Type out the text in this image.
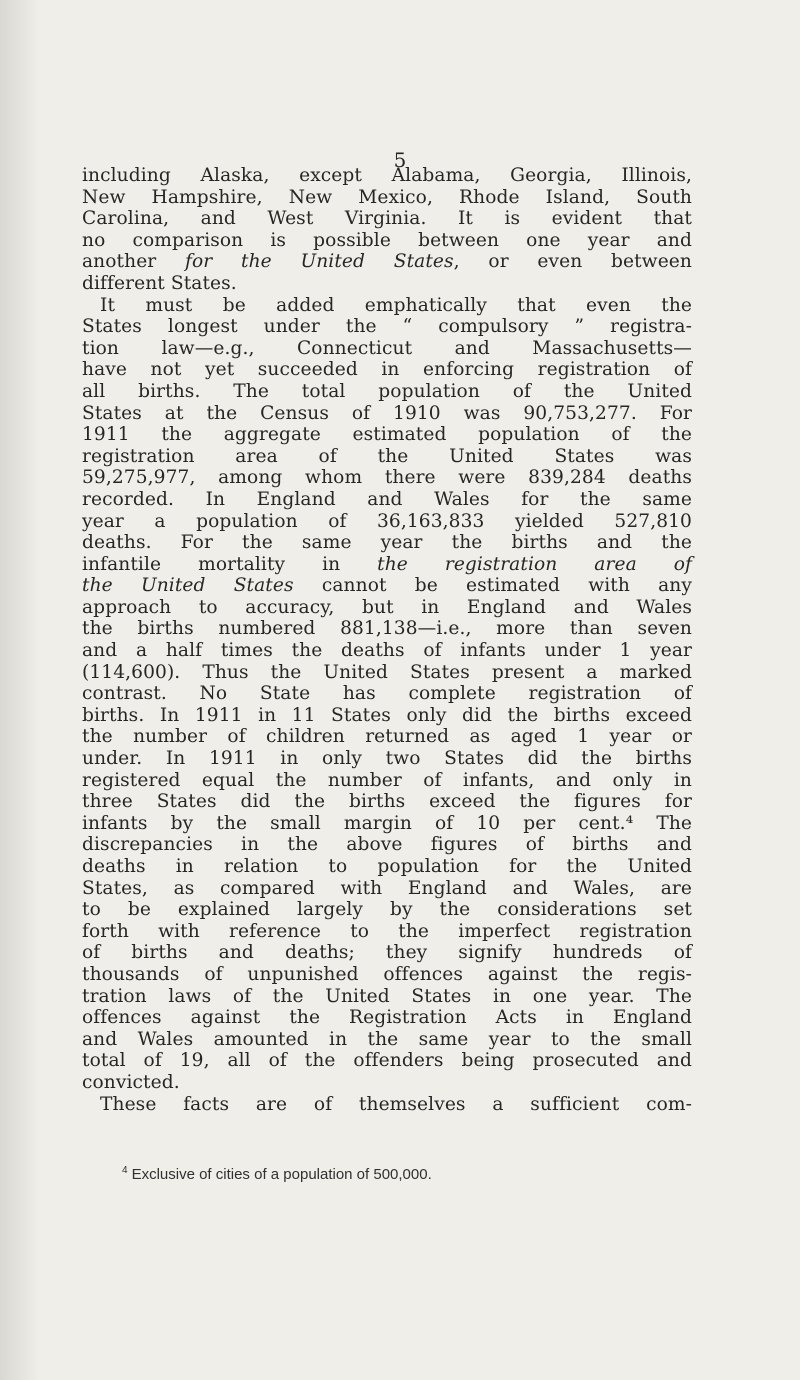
5
including Alaska, except Alabama, Georgia, Illinois,
New Hampshire, New Mexico, Rhode Island, South
Carolina, and West Virginia. It is evident that
no comparison is possible between one year and
another for the United States, or even between
different States.
It must be added emphatically that even the
States longest under the “ compulsory ” registra-
tion law—e.g., Connecticut and Massachusetts—
have not yet succeeded in enforcing registration of
all births. The total population of the United
States at the Census of 1910 was 90,753,277. For
1911 the aggregate estimated population of the
registration area of the United States was
59,275,977, among whom there were 839,284 deaths
recorded. In England and Wales for the same
year a population of 36,163,833 yielded 527,810
deaths. For the same year the births and the
infantile mortality in the registration area of
the United States cannot be estimated with any
approach to accuracy, but in England and Wales
the births numbered 881,138—i.e., more than seven
and a half times the deaths of infants under 1 year
(114,600). Thus the United States present a marked
contrast. No State has complete registration of
births. In 1911 in 11 States only did the births exceed
the number of children returned as aged 1 year or
under. In 1911 in only two States did the births
registered equal the number of infants, and only in
three States did the births exceed the figures for
infants by the small margin of 10 per cent.⁴ The
discrepancies in the above figures of births and
deaths in relation to population for the United
States, as compared with England and Wales, are
to be explained largely by the considerations set
forth with reference to the imperfect registration
of births and deaths; they signify hundreds of
thousands of unpunished offences against the regis-
tration laws of the United States in one year. The
offences against the Registration Acts in England
and Wales amounted in the same year to the small
total of 19, all of the offenders being prosecuted and
convicted.
These facts are of themselves a sufficient com-
$^4$ Exclusive of cities of a population of 500,000.
